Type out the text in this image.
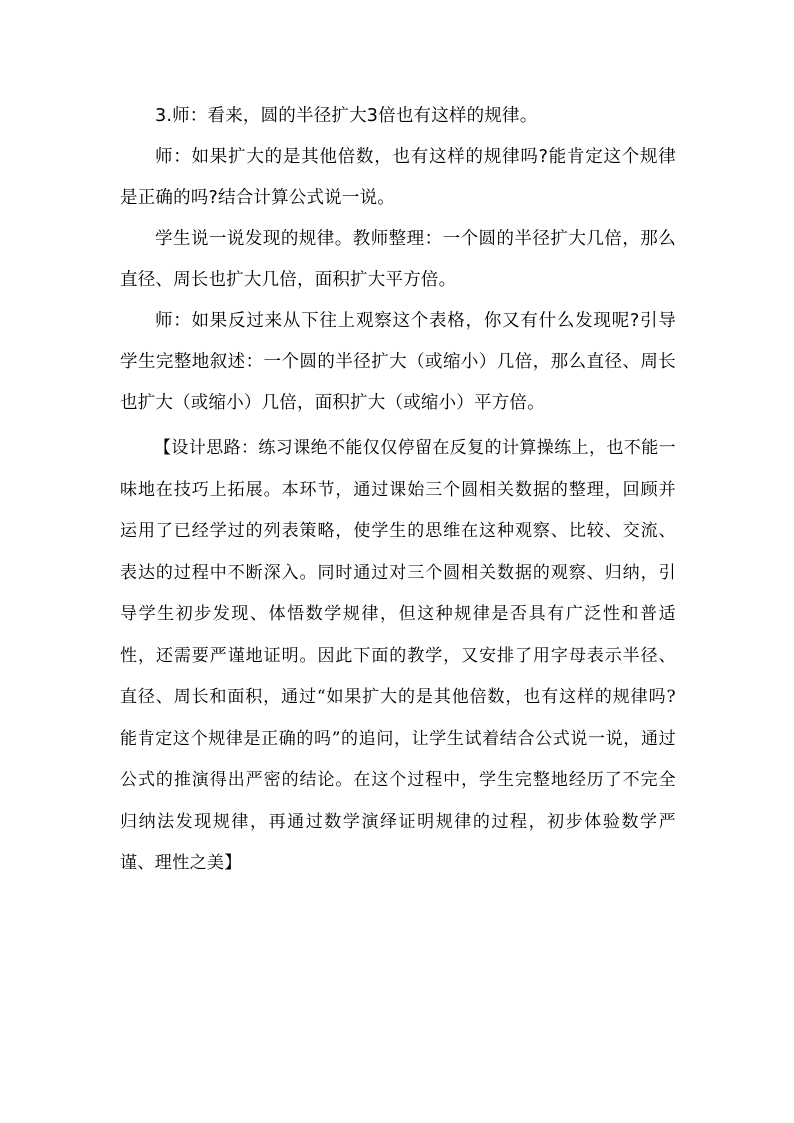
3.师：看来，圆的半径扩大3倍也有这样的规律。

师：如果扩大的是其他倍数，也有这样的规律吗?能肯定这个规律是正确的吗?结合计算公式说一说。

学生说一说发现的规律。教师整理：一个圆的半径扩大几倍，那么直径、周长也扩大几倍，面积扩大平方倍。

师：如果反过来从下往上观察这个表格，你又有什么发现呢?引导学生完整地叙述：一个圆的半径扩大（或缩小）几倍，那么直径、周长也扩大（或缩小）几倍，面积扩大（或缩小）平方倍。

【设计思路：练习课绝不能仅仅停留在反复的计算操练上，也不能一味地在技巧上拓展。本环节，通过课始三个圆相关数据的整理，回顾并运用了已经学过的列表策略，使学生的思维在这种观察、比较、交流、表达的过程中不断深入。同时通过对三个圆相关数据的观察、归纳，引导学生初步发现、体悟数学规律，但这种规律是否具有广泛性和普适性，还需要严谨地证明。因此下面的教学，又安排了用字母表示半径、直径、周长和面积，通过“如果扩大的是其他倍数，也有这样的规律吗?能肯定这个规律是正确的吗”的追问，让学生试着结合公式说一说，通过公式的推演得出严密的结论。在这个过程中，学生完整地经历了不完全归纳法发现规律，再通过数学演绎证明规律的过程，初步体验数学严谨、理性之美】
